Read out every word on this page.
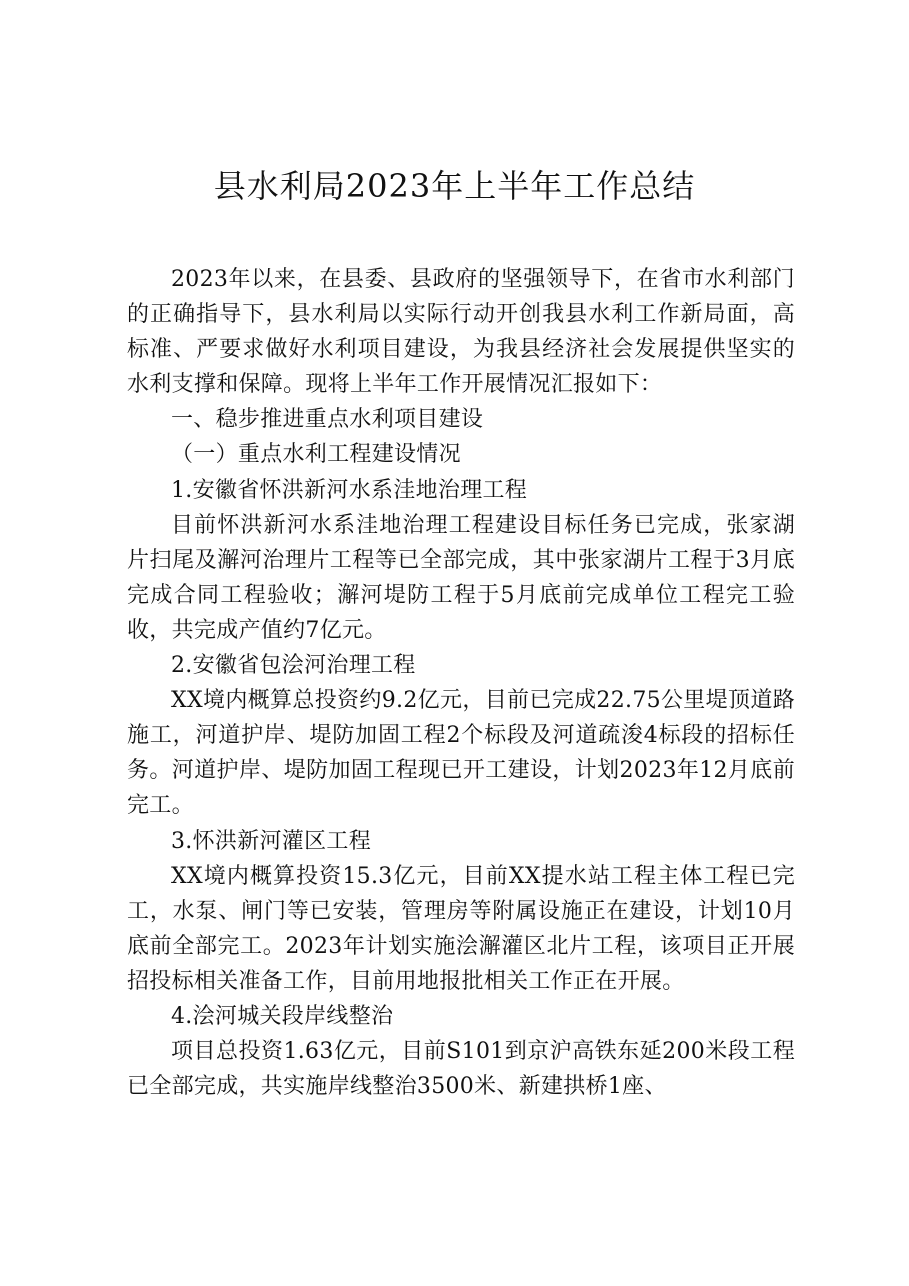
县水利局2023年上半年工作总结

2023年以来，在县委、县政府的坚强领导下，在省市水利部门的正确指导下，县水利局以实际行动开创我县水利工作新局面，高标准、严要求做好水利项目建设，为我县经济社会发展提供坚实的水利支撑和保障。现将上半年工作开展情况汇报如下：

一、稳步推进重点水利项目建设

（一）重点水利工程建设情况

1.安徽省怀洪新河水系洼地治理工程

目前怀洪新河水系洼地治理工程建设目标任务已完成，张家湖片扫尾及澥河治理片工程等已全部完成，其中张家湖片工程于3月底完成合同工程验收；澥河堤防工程于5月底前完成单位工程完工验收，共完成产值约7亿元。

2.安徽省包浍河治理工程

XX境内概算总投资约9.2亿元，目前已完成22.75公里堤顶道路施工，河道护岸、堤防加固工程2个标段及河道疏浚4标段的招标任务。河道护岸、堤防加固工程现已开工建设，计划2023年12月底前完工。

3.怀洪新河灌区工程

XX境内概算投资15.3亿元，目前XX提水站工程主体工程已完工，水泵、闸门等已安装，管理房等附属设施正在建设，计划10月底前全部完工。2023年计划实施浍澥灌区北片工程，该项目正开展招投标相关准备工作，目前用地报批相关工作正在开展。

4.浍河城关段岸线整治

项目总投资1.63亿元，目前S101到京沪高铁东延200米段工程已全部完成，共实施岸线整治3500米、新建拱桥1座、
